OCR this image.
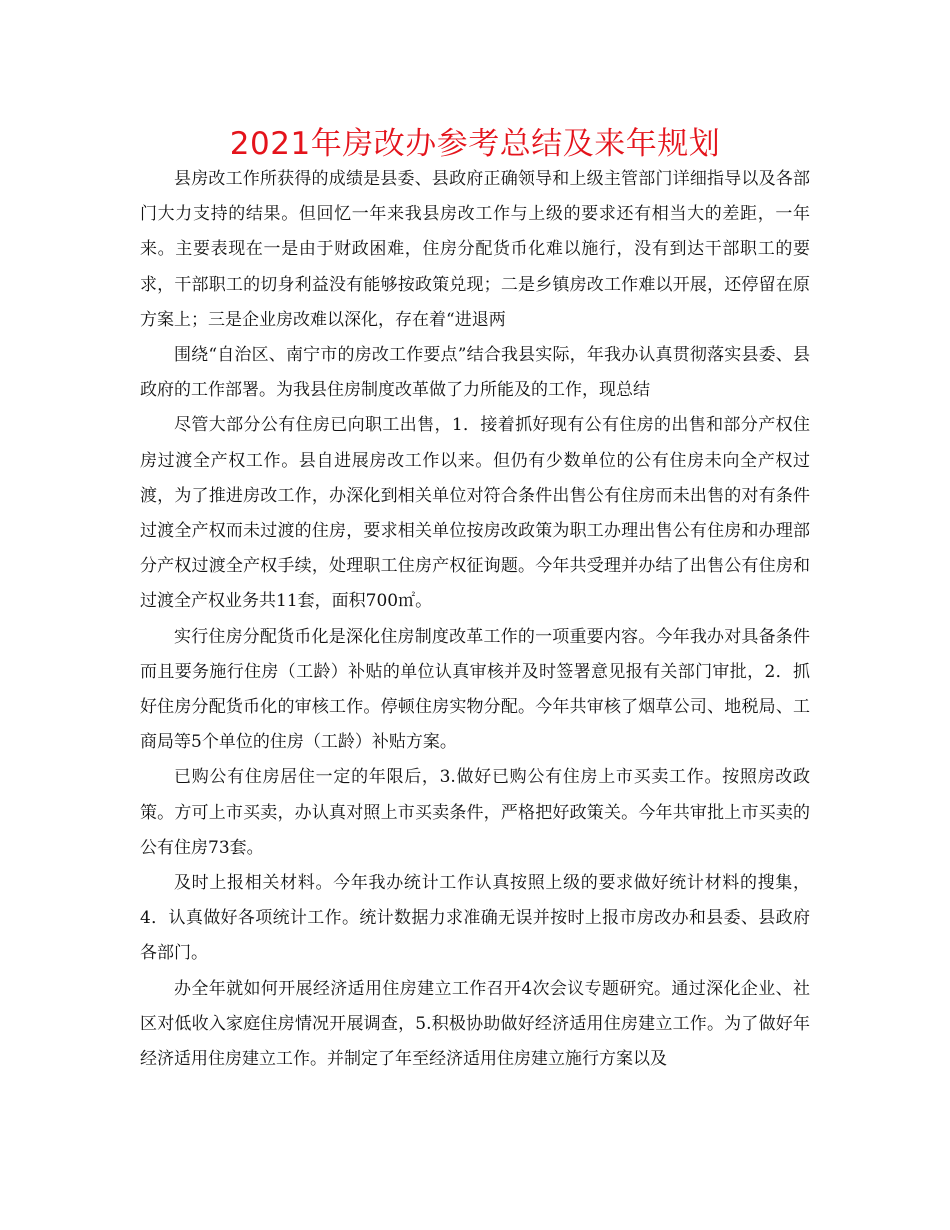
2021年房改办参考总结及来年规划

县房改工作所获得的成绩是县委、县政府正确领导和上级主管部门详细指导以及各部门大力支持的结果。但回忆一年来我县房改工作与上级的要求还有相当大的差距，一年来。主要表现在一是由于财政困难，住房分配货币化难以施行，没有到达干部职工的要求，干部职工的切身利益没有能够按政策兑现；二是乡镇房改工作难以开展，还停留在原方案上；三是企业房改难以深化，存在着“进退两

围绕“自治区、南宁市的房改工作要点”结合我县实际，年我办认真贯彻落实县委、县政府的工作部署。为我县住房制度改革做了力所能及的工作，现总结

尽管大部分公有住房已向职工出售，1．接着抓好现有公有住房的出售和部分产权住房过渡全产权工作。县自进展房改工作以来。但仍有少数单位的公有住房未向全产权过渡，为了推进房改工作，办深化到相关单位对符合条件出售公有住房而未出售的对有条件过渡全产权而未过渡的住房，要求相关单位按房改政策为职工办理出售公有住房和办理部分产权过渡全产权手续，处理职工住房产权征询题。今年共受理并办结了出售公有住房和过渡全产权业务共11套，面积700㎡。

实行住房分配货币化是深化住房制度改革工作的一项重要内容。今年我办对具备条件而且要务施行住房（工龄）补贴的单位认真审核并及时签署意见报有关部门审批，2．抓好住房分配货币化的审核工作。停顿住房实物分配。今年共审核了烟草公司、地税局、工商局等5个单位的住房（工龄）补贴方案。

已购公有住房居住一定的年限后，3.做好已购公有住房上市买卖工作。按照房改政策。方可上市买卖，办认真对照上市买卖条件，严格把好政策关。今年共审批上市买卖的公有住房73套。

及时上报相关材料。今年我办统计工作认真按照上级的要求做好统计材料的搜集，4．认真做好各项统计工作。统计数据力求准确无误并按时上报市房改办和县委、县政府各部门。

办全年就如何开展经济适用住房建立工作召开4次会议专题研究。通过深化企业、社区对低收入家庭住房情况开展调查，5.积极协助做好经济适用住房建立工作。为了做好年经济适用住房建立工作。并制定了年至经济适用住房建立施行方案以及
